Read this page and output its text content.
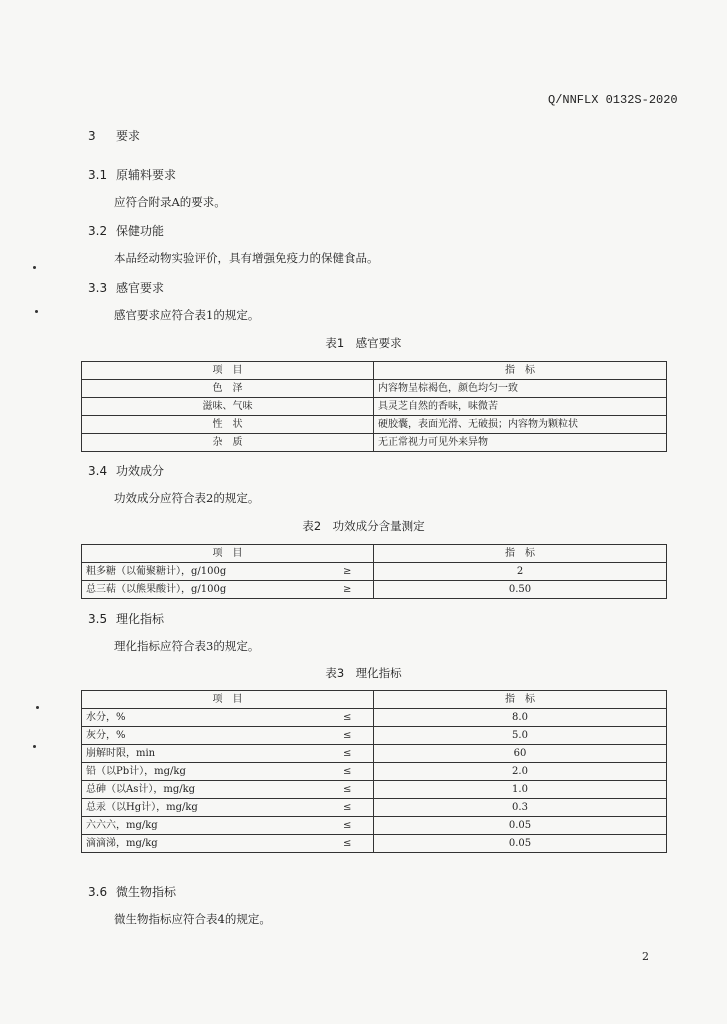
Q/NNFLX 0132S-2020
3 要求
3.1 原辅料要求
应符合附录A的要求。
3.2 保健功能
本品经动物实验评价，具有增强免疫力的保健食品。
3.3 感官要求
感官要求应符合表1的规定。
表1　感官要求
项　目	指　标
色　泽	内容物呈棕褐色，颜色均匀一致
滋味、气味	具灵芝自然的香味，味微苦
性　状	硬胶囊，表面光滑、无破损；内容物为颗粒状
杂　质	无正常视力可见外来异物
3.4 功效成分
功效成分应符合表2的规定。
表2　功效成分含量测定
项　目		指　标
粗多糖（以葡聚糖计），g/100g	≥	2
总三萜（以熊果酸计），g/100g	≥	0.50
3.5 理化指标
理化指标应符合表3的规定。
表3　理化指标
项　目		指　标
水分，%	≤	8.0
灰分，%	≤	5.0
崩解时限，min	≤	60
铅（以Pb计），mg/kg	≤	2.0
总砷（以As计），mg/kg	≤	1.0
总汞（以Hg计），mg/kg	≤	0.3
六六六，mg/kg	≤	0.05
滴滴涕，mg/kg	≤	0.05
3.6 微生物指标
微生物指标应符合表4的规定。
2
